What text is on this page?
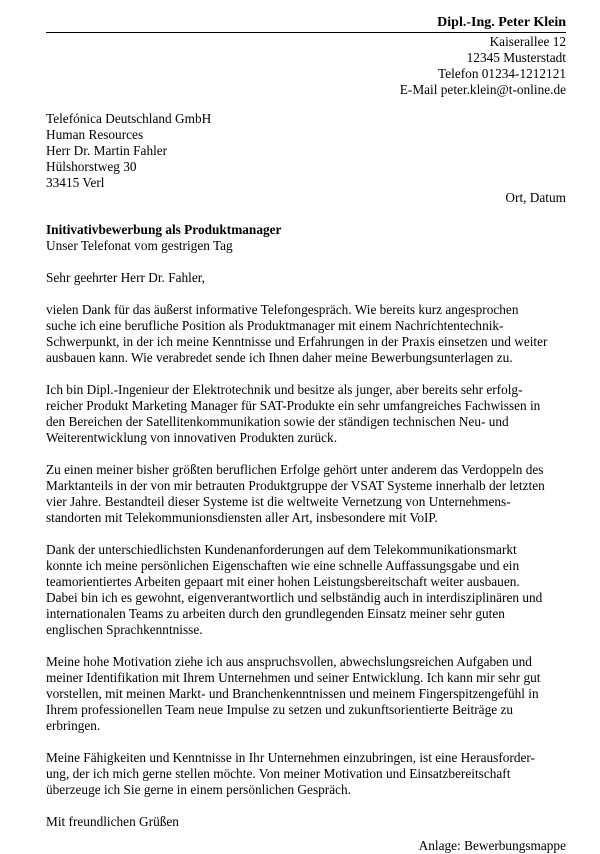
Dipl.-Ing. Peter Klein
Kaiserallee 12
12345 Musterstadt
Telefon 01234-1212121
E-Mail peter.klein@t-online.de
Telefónica Deutschland GmbH
Human Resources
Herr Dr. Martin Fahler
Hülshorstweg 30
33415 Verl
Ort, Datum
Initivativbewerbung als Produktmanager
Unser Telefonat vom gestrigen Tag

Sehr geehrter Herr Dr. Fahler,

vielen Dank für das äußerst informative Telefongespräch. Wie bereits kurz angesprochen
suche ich eine berufliche Position als Produktmanager mit einem Nachrichtentechnik-
Schwerpunkt, in der ich meine Kenntnisse und Erfahrungen in der Praxis einsetzen und weiter
ausbauen kann. Wie verabredet sende ich Ihnen daher meine Bewerbungsunterlagen zu.

Ich bin Dipl.-Ingenieur der Elektrotechnik und besitze als junger, aber bereits sehr erfolg-
reicher Produkt Marketing Manager für SAT-Produkte ein sehr umfangreiches Fachwissen in
den Bereichen der Satellitenkommunikation sowie der ständigen technischen Neu- und
Weiterentwicklung von innovativen Produkten zurück.

Zu einen meiner bisher größten beruflichen Erfolge gehört unter anderem das Verdoppeln des
Marktanteils in der von mir betrauten Produktgruppe der VSAT Systeme innerhalb der letzten
vier Jahre. Bestandteil dieser Systeme ist die weltweite Vernetzung von Unternehmens-
standorten mit Telekommunionsdiensten aller Art, insbesondere mit VoIP.

Dank der unterschiedlichsten Kundenanforderungen auf dem Telekommunikationsmarkt
konnte ich meine persönlichen Eigenschaften wie eine schnelle Auffassungsgabe und ein
teamorientiertes Arbeiten gepaart mit einer hohen Leistungsbereitschaft weiter ausbauen.
Dabei bin ich es gewohnt, eigenverantwortlich und selbständig auch in interdisziplinären und
internationalen Teams zu arbeiten durch den grundlegenden Einsatz meiner sehr guten
englischen Sprachkenntnisse.

Meine hohe Motivation ziehe ich aus anspruchsvollen, abwechslungsreichen Aufgaben und
meiner Identifikation mit Ihrem Unternehmen und seiner Entwicklung. Ich kann mir sehr gut
vorstellen, mit meinen Markt- und Branchenkenntnissen und meinem Fingerspitzengefühl in
Ihrem professionellen Team neue Impulse zu setzen und zukunftsorientierte Beiträge zu
erbringen.

Meine Fähigkeiten und Kenntnisse in Ihr Unternehmen einzubringen, ist eine Herausforder-
ung, der ich mich gerne stellen möchte. Von meiner Motivation und Einsatzbereitschaft
überzeuge ich Sie gerne in einem persönlichen Gespräch.

Mit freundlichen Grüßen

Anlage: Bewerbungsmappe
